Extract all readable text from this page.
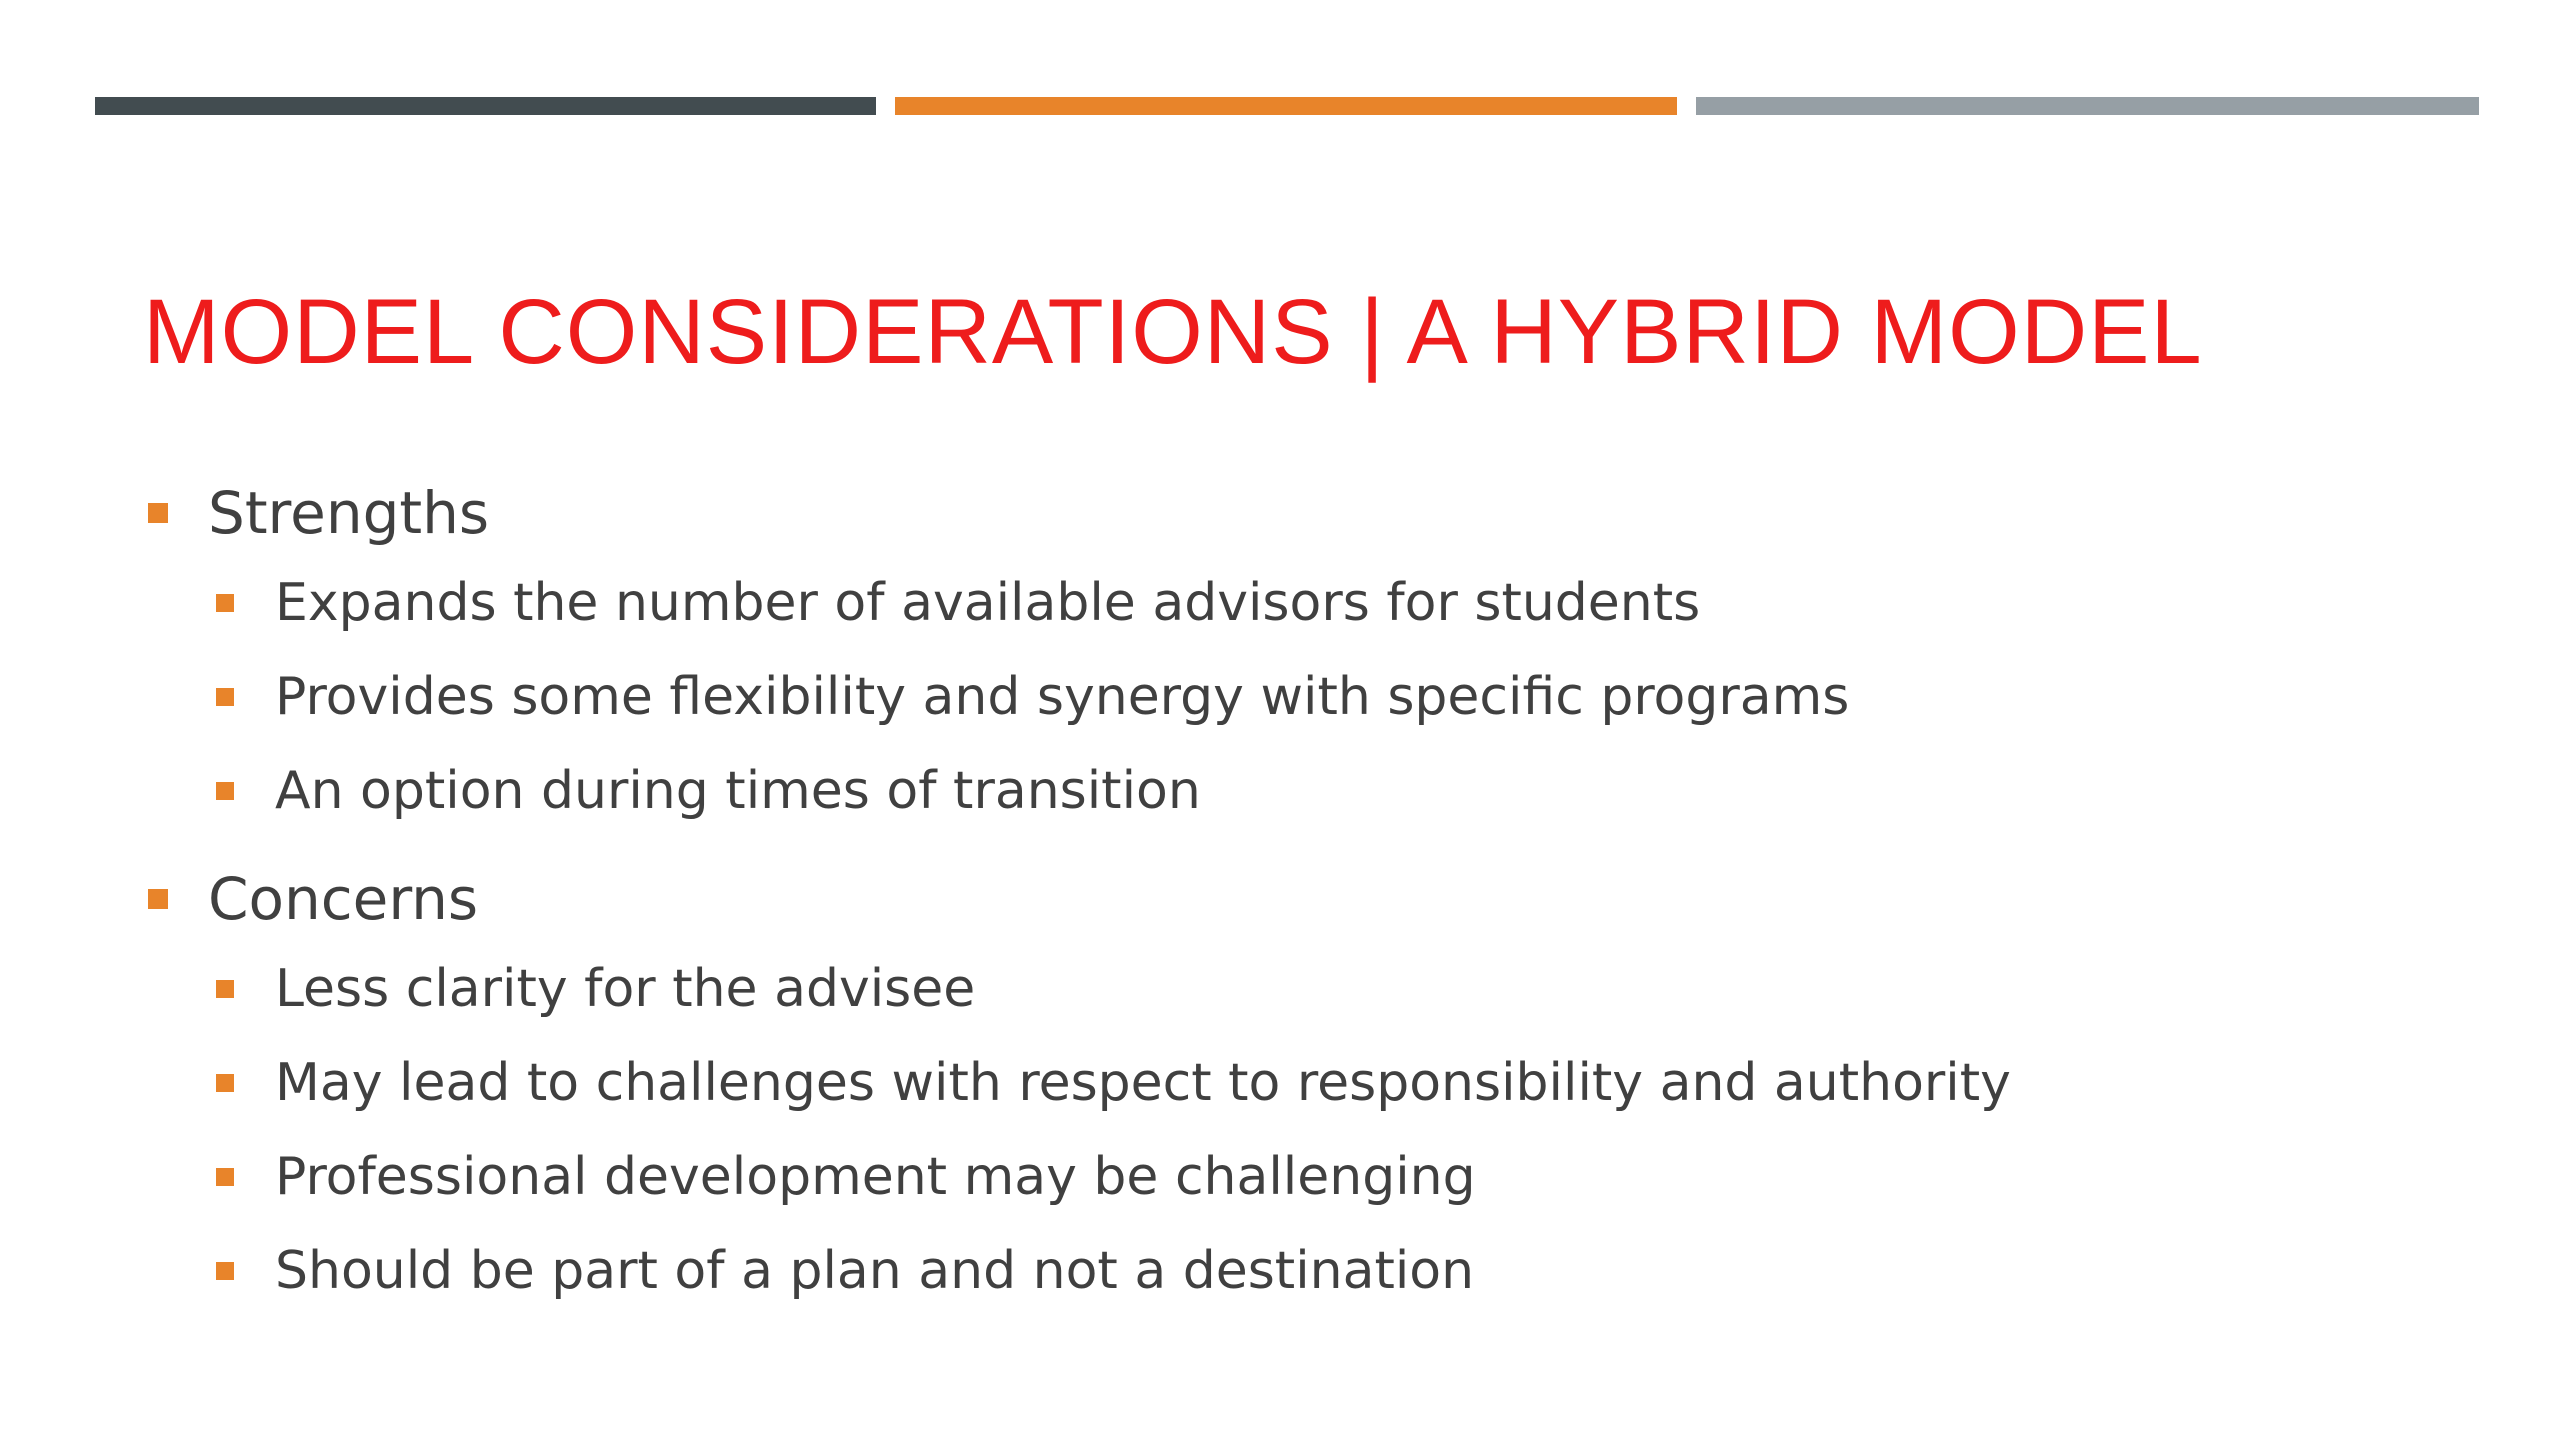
MODEL CONSIDERATIONS | A HYBRID MODEL
Strengths
Expands the number of available advisors for students
Provides some flexibility and synergy with specific programs
An option during times of transition
Concerns
Less clarity for the advisee
May lead to challenges with respect to responsibility and authority
Professional development may be challenging
Should be part of a plan and not a destination
